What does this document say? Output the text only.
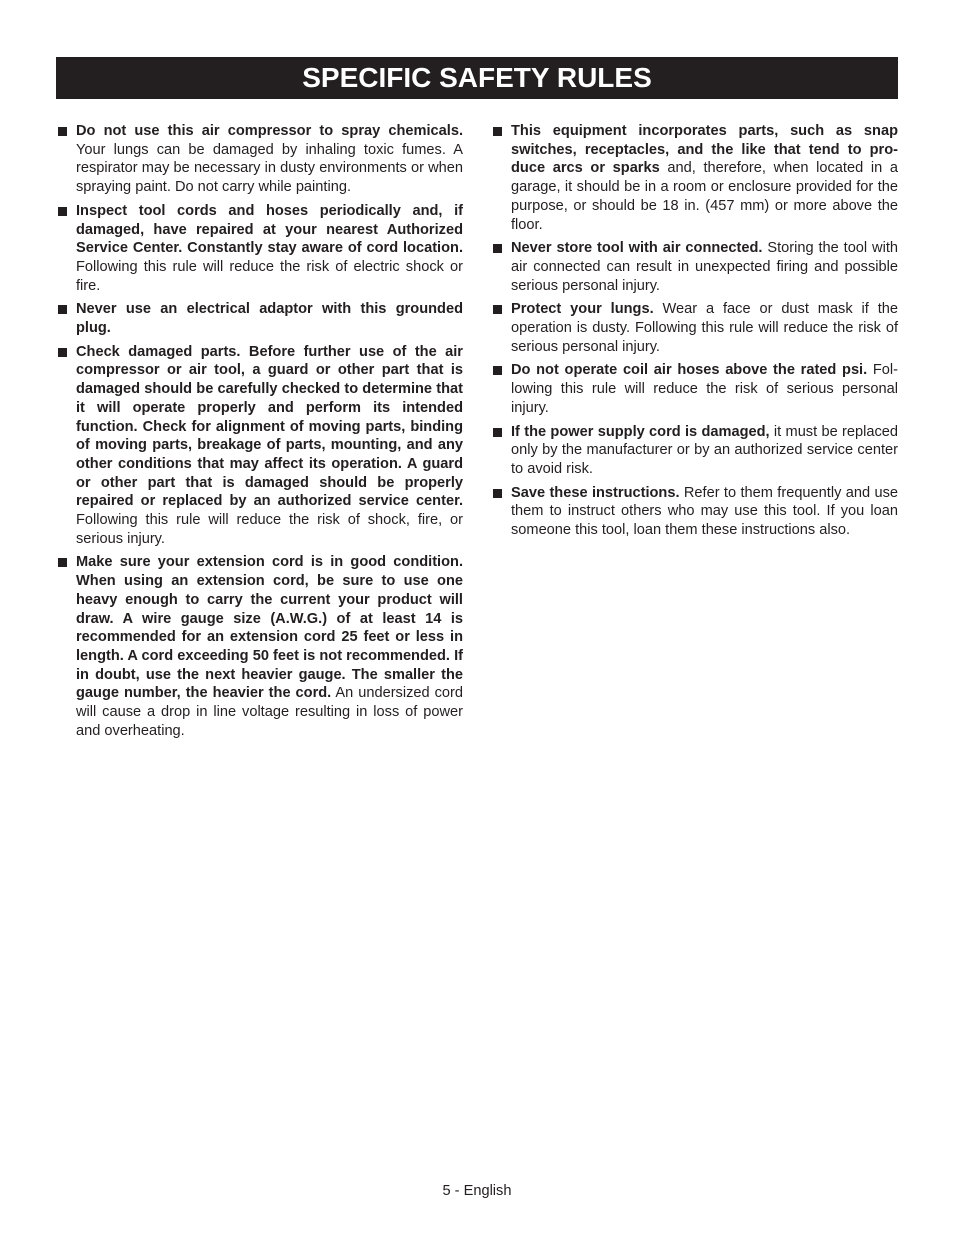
SPECIFIC SAFETY RULES
Do not use this air compressor to spray chemicals. Your lungs can be damaged by inhaling toxic fumes. A respirator may be necessary in dusty environments or when spraying paint. Do not carry while painting.
Inspect tool cords and hoses periodically and, if damaged, have repaired at your nearest Authorized Service Center. Constantly stay aware of cord location. Following this rule will reduce the risk of electric shock or fire.
Never use an electrical adaptor with this grounded plug.
Check damaged parts. Before further use of the air compressor or air tool, a guard or other part that is damaged should be carefully checked to determine that it will operate properly and perform its intended function. Check for alignment of moving parts, binding of moving parts, breakage of parts, mounting, and any other conditions that may affect its operation. A guard or other part that is damaged should be properly repaired or replaced by an authorized service center. Following this rule will reduce the risk of shock, fire, or serious injury.
Make sure your extension cord is in good condition. When using an extension cord, be sure to use one heavy enough to carry the current your product will draw. A wire gauge size (A.W.G.) of at least 14 is recommended for an extension cord 25 feet or less in length. A cord exceeding 50 feet is not recommended. If in doubt, use the next heavier gauge. The smaller the gauge number, the heavier the cord. An undersized cord will cause a drop in line voltage resulting in loss of power and overheating.
This equipment incorporates parts, such as snap switches, receptacles, and the like that tend to pro-duce arcs or sparks and, therefore, when located in a garage, it should be in a room or enclosure provided for the purpose, or should be 18 in. (457 mm) or more above the floor.
Never store tool with air connected. Storing the tool with air connected can result in unexpected firing and possible serious personal injury.
Protect your lungs. Wear a face or dust mask if the operation is dusty. Following this rule will reduce the risk of serious personal injury.
Do not operate coil air hoses above the rated psi. Fol-lowing this rule will reduce the risk of serious personal injury.
If the power supply cord is damaged, it must be replaced only by the manufacturer or by an authorized service center to avoid risk.
Save these instructions. Refer to them frequently and use them to instruct others who may use this tool. If you loan someone this tool, loan them these instructions also.
5 - English
